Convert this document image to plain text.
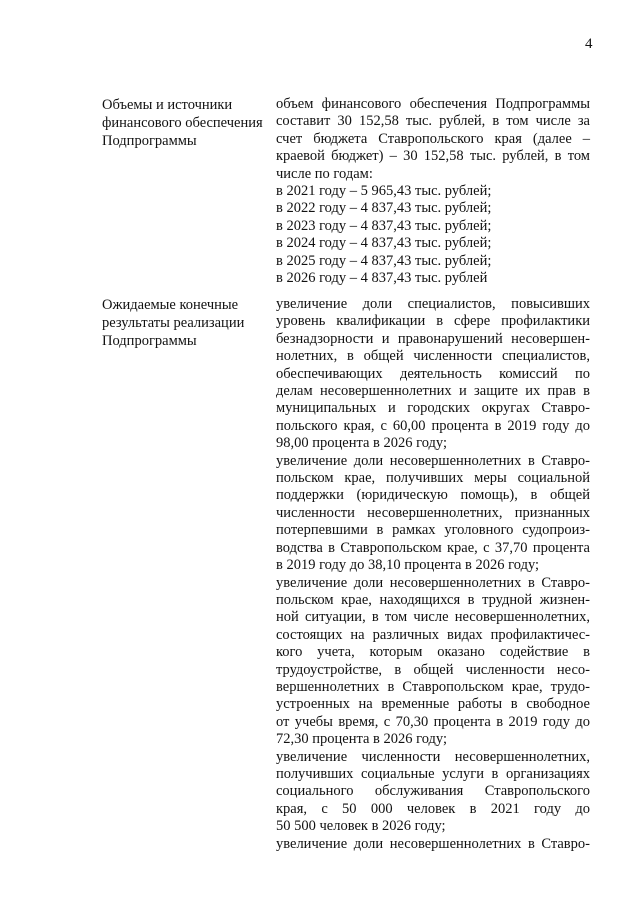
4
Объемы и источники
финансового обеспечения
Подпрограммы
объем финансового обеспечения Подпрограммы
составит 30 152,58 тыс. рублей, в том числе за
счет бюджета Ставропольского края (далее –
краевой бюджет) – 30 152,58 тыс. рублей, в том
числе по годам:
в 2021 году – 5 965,43 тыс. рублей;
в 2022 году – 4 837,43 тыс. рублей;
в 2023 году – 4 837,43 тыс. рублей;
в 2024 году – 4 837,43 тыс. рублей;
в 2025 году – 4 837,43 тыс. рублей;
в 2026 году – 4 837,43 тыс. рублей
Ожидаемые конечные
результаты реализации
Подпрограммы
увеличение доли специалистов, повысивших
уровень квалификации в сфере профилактики
безнадзорности и правонарушений несовершен-
нолетних, в общей численности специалистов,
обеспечивающих деятельность комиссий по
делам несовершеннолетних и защите их прав в
муниципальных и городских округах Ставро-
польского края, с 60,00 процента в 2019 году до
98,00 процента в 2026 году;
увеличение доли несовершеннолетних в Ставро-
польском крае, получивших меры социальной
поддержки (юридическую помощь), в общей
численности несовершеннолетних, признанных
потерпевшими в рамках уголовного судопроиз-
водства в Ставропольском крае, с 37,70 процента
в 2019 году до 38,10 процента в 2026 году;
увеличение доли несовершеннолетних в Ставро-
польском крае, находящихся в трудной жизнен-
ной ситуации, в том числе несовершеннолетних,
состоящих на различных видах профилактичес-
кого учета, которым оказано содействие в
трудоустройстве, в общей численности несо-
вершеннолетних в Ставропольском крае, трудо-
устроенных на временные работы в свободное
от учебы время, с 70,30 процента в 2019 году до
72,30 процента в 2026 году;
увеличение численности несовершеннолетних,
получивших социальные услуги в организациях
социального обслуживания Ставропольского
края, с 50 000 человек в 2021 году до
50 500 человек в 2026 году;
увеличение доли несовершеннолетних в Ставро-
